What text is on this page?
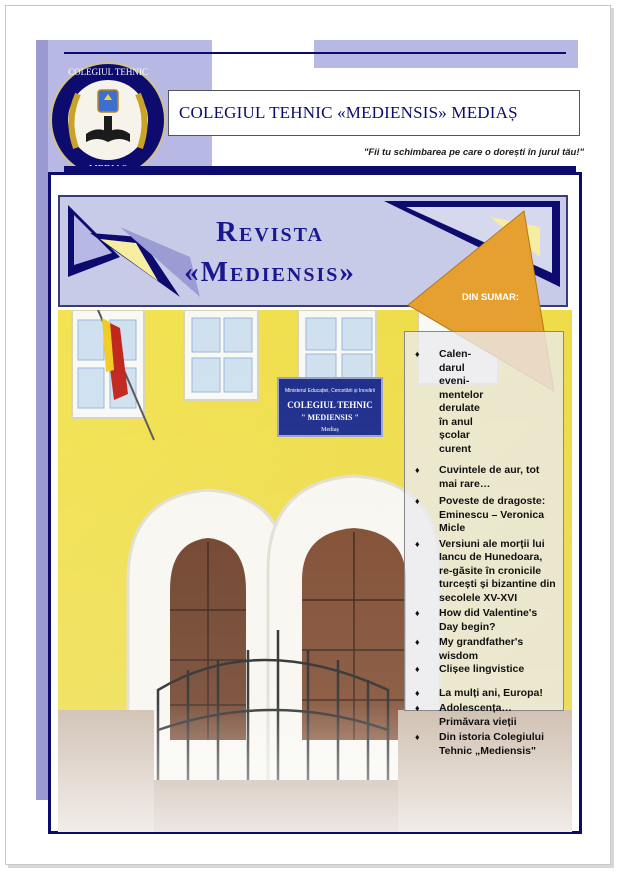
COLEGIUL TEHNIC
COLEGIUL TEHNIC «MEDIENSIS» MEDIAȘ
"Fii tu schimbarea pe care o dorești în jurul tău!"
Revista
«Mediensis»
DIN SUMAR:
♦ Calen-darul eveni-mentelor derulate în anul școlar curent
♦ Cuvintele de aur, tot mai rare…
♦ Poveste de dragoste: Eminescu – Veronica Micle
♦ Versiuni ale morții lui Iancu de Hunedoara, re-găsite în cronicile turcești și bizantine din secolele XV-XVI
♦ How did Valentine's Day begin?
♦ My grandfather's wisdom
♦ Clișee lingvistice
♦ La mulți ani, Europa!
♦ Adolescența… Primăvara vieții
♦ Din istoria Colegiului Tehnic „Mediensis"
